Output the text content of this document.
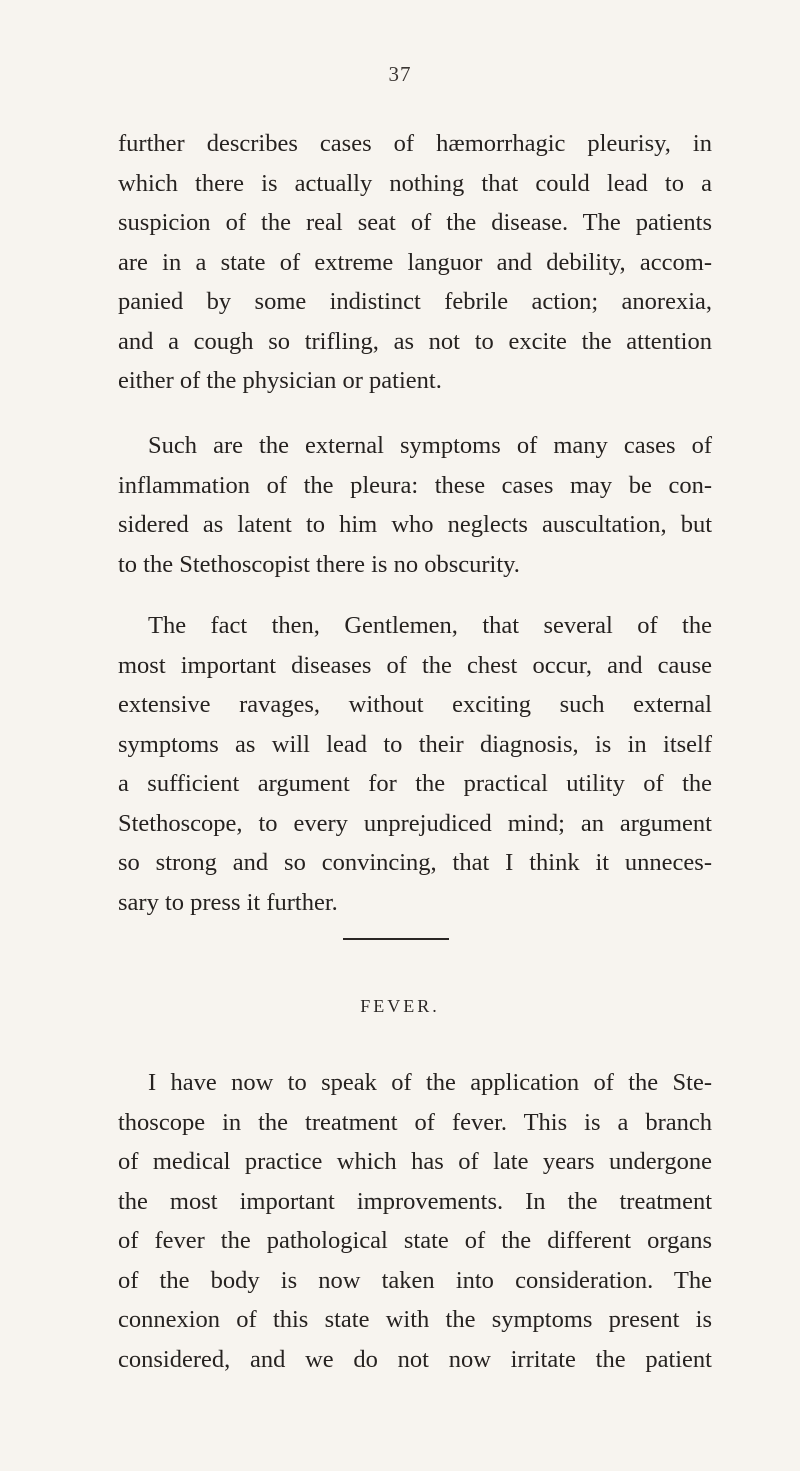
37

further describes cases of hæmorrhagic pleurisy, in
which there is actually nothing that could lead to a
suspicion of the real seat of the disease. The patients
are in a state of extreme languor and debility, accom-
panied by some indistinct febrile action; anorexia,
and a cough so trifling, as not to excite the attention
either of the physician or patient.

Such are the external symptoms of many cases of
inflammation of the pleura: these cases may be con-
sidered as latent to him who neglects auscultation, but
to the Stethoscopist there is no obscurity.

The fact then, Gentlemen, that several of the
most important diseases of the chest occur, and cause
extensive ravages, without exciting such external
symptoms as will lead to their diagnosis, is in itself
a sufficient argument for the practical utility of the
Stethoscope, to every unprejudiced mind; an argument
so strong and so convincing, that I think it unneces-
sary to press it further.

FEVER.

I have now to speak of the application of the Ste-
thoscope in the treatment of fever. This is a branch
of medical practice which has of late years undergone
the most important improvements. In the treatment
of fever the pathological state of the different organs
of the body is now taken into consideration. The
connexion of this state with the symptoms present is
considered, and we do not now irritate the patient
